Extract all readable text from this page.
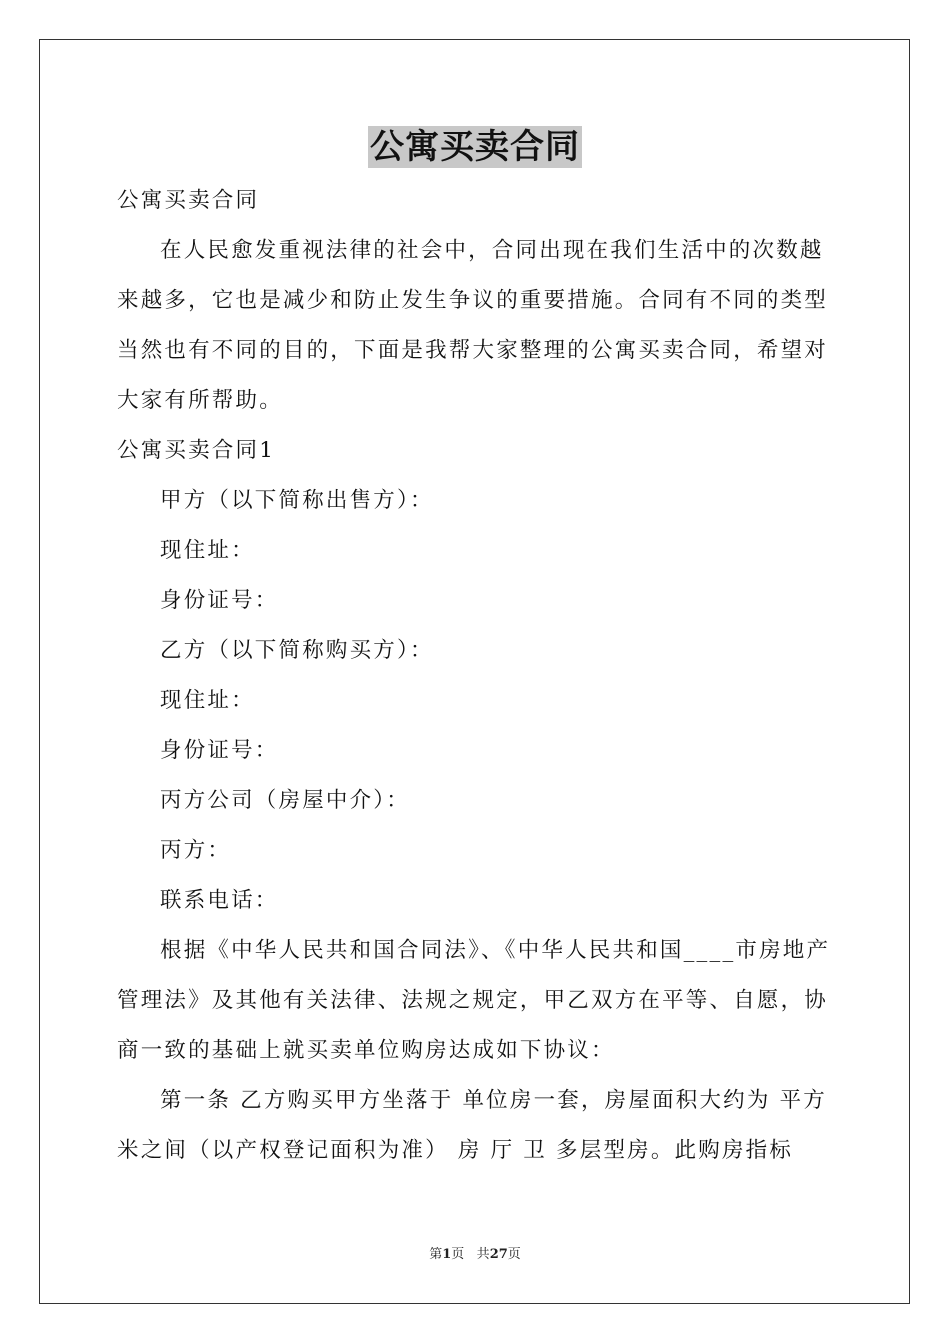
公寓买卖合同

公寓买卖合同

在人民愈发重视法律的社会中，合同出现在我们生活中的次数越来越多，它也是减少和防止发生争议的重要措施。合同有不同的类型当然也有不同的目的，下面是我帮大家整理的公寓买卖合同，希望对大家有所帮助。

公寓买卖合同1

甲方（以下简称出售方）：

现住址：

身份证号：

乙方（以下简称购买方）：

现住址：

身份证号：

丙方公司（房屋中介）：

丙方：

联系电话：

根据《中华人民共和国合同法》、《中华人民共和国____市房地产管理法》及其他有关法律、法规之规定，甲乙双方在平等、自愿，协商一致的基础上就买卖单位购房达成如下协议：

第一条 乙方购买甲方坐落于 单位房一套，房屋面积大约为 平方米之间（以产权登记面积为准） 房 厅 卫 多层型房。此购房指标

第1页 共27页
